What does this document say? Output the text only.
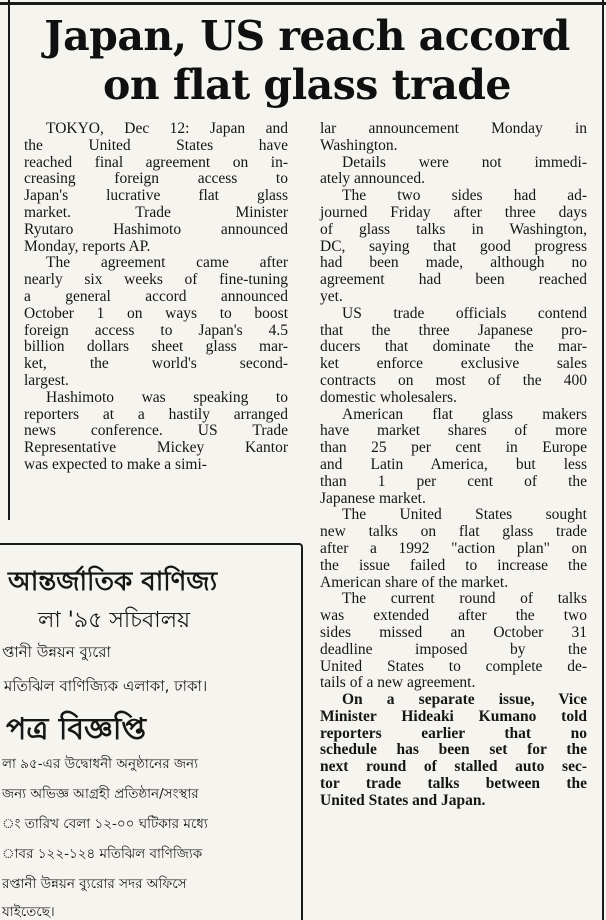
Japan, US reach accord
on flat glass trade

TOKYO, Dec 12: Japan and
the United States have
reached final agreement on in-
creasing foreign access to
Japan's lucrative flat glass
market. Trade Minister
Ryutaro Hashimoto announced
Monday, reports AP.

The agreement came after
nearly six weeks of fine-tuning
a general accord announced
October 1 on ways to boost
foreign access to Japan's 4.5
billion dollars sheet glass mar-
ket, the world's second-
largest.

Hashimoto was speaking to
reporters at a hastily arranged
news conference. US Trade
Representative Mickey Kantor
was expected to make a simi-

lar announcement Monday in
Washington.

Details were not immedi-
ately announced.

The two sides had ad-
journed Friday after three days
of glass talks in Washington,
DC, saying that good progress
had been made, although no
agreement had been reached
yet.

US trade officials contend
that the three Japanese pro-
ducers that dominate the mar-
ket enforce exclusive sales
contracts on most of the 400
domestic wholesalers.

American flat glass makers
have market shares of more
than 25 per cent in Europe
and Latin America, but less
than 1 per cent of the
Japanese market.

The United States sought
new talks on flat glass trade
after a 1992 "action plan" on
the issue failed to increase the
American share of the market.

The current round of talks
was extended after the two
sides missed an October 31
deadline imposed by the
United States to complete de-
tails of a new agreement.

On a separate issue, Vice
Minister Hideaki Kumano told
reporters earlier that no
schedule has been set for the
next round of stalled auto sec-
tor trade talks between the
United States and Japan.

আন্তর্জাতিক বাণিজ্য
লা '৯৫ সচিবালয়
প্তানী উন্নয়ন ব্যুরো
মতিঝিল বাণিজ্যিক এলাকা, ঢাকা।
পত্র বিজ্ঞপ্তি
লা ৯৫-এর উদ্বোধনী অনুষ্ঠানের জন্য
জন্য অভিজ্ঞ আগ্রহী প্রতিষ্ঠান/সংস্থার
ং তারিখ বেলা ১২-০০ ঘটিকার মধ্যে
াবর ১২২-১২৪ মতিঝিল বাণিজ্যিক
রপ্তানী উন্নয়ন ব্যুরোর সদর অফিসে
যাইতেছে।
